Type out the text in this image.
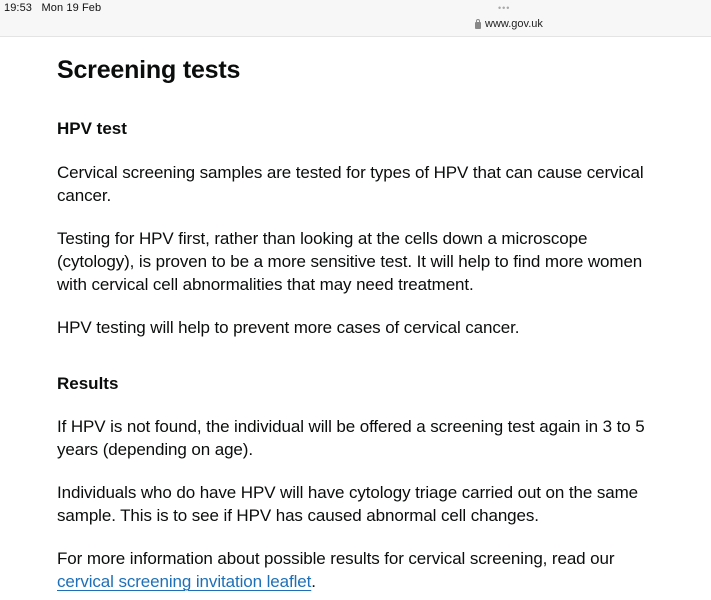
19:53 Mon 19 Feb	•••
www.gov.uk
Screening tests
HPV test

Cervical screening samples are tested for types of HPV that can cause cervical cancer.

Testing for HPV first, rather than looking at the cells down a microscope (cytology), is proven to be a more sensitive test. It will help to find more women with cervical cell abnormalities that may need treatment.

HPV testing will help to prevent more cases of cervical cancer.

Results

If HPV is not found, the individual will be offered a screening test again in 3 to 5 years (depending on age).

Individuals who do have HPV will have cytology triage carried out on the same sample. This is to see if HPV has caused abnormal cell changes.

For more information about possible results for cervical screening, read our cervical screening invitation leaflet.
